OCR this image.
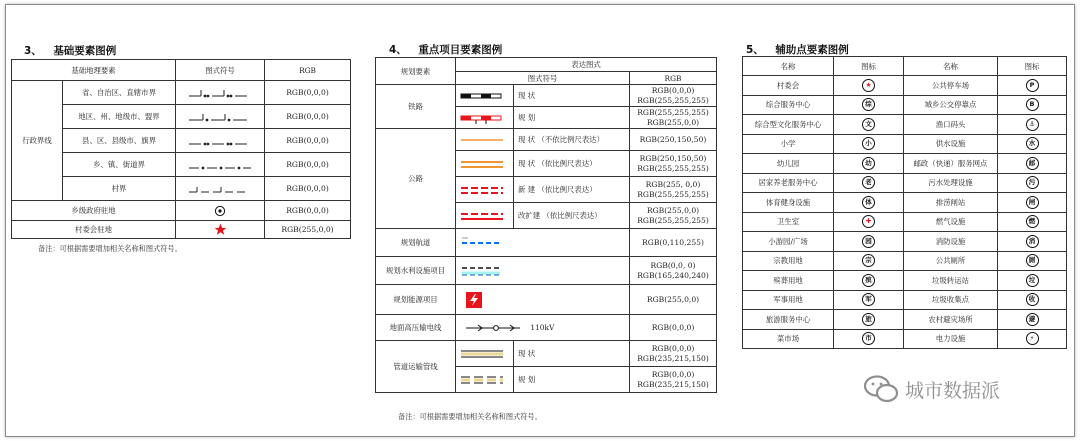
3、 基础要素图例
基础地理要素		图式符号	RGB
行政界线	省、自治区、直辖市界		RGB(0,0,0)
	地区、州、地级市、盟界		RGB(0,0,0)
	县、区、县级市、旗界		RGB(0,0,0)
	乡、镇、街道界		RGB(0,0,0)
	村界		RGB(0,0,0)
乡级政府驻地			RGB(0,0,0)
村委会驻地			RGB(255,0,0)
备注：可根据需要增加相关名称和图式符号。
4、 重点项目要素图例
规划要素	表达图式		
	图式符号		RGB
铁路		现 状	RGB(0,0,0)
RGB(255,255,255)

	规 划	RGB(255,255,255)
RGB(255,0,0)

公路		现 状 （不依比例尺表达）	RGB(250,150,50)

	现 状 （依比例尺表达）	RGB(250,150,50)
RGB(255,255,255)

	新 建 （依比例尺表达）	RGB(255, 0,0)
RGB(255,255,255)

	改扩建 （依比例尺表达）	RGB(255,0,0)
RGB(255,255,255)

规划航道			RGB(0,110,255)

规划水利设施项目			RGB(0,0, 0)
RGB(165,240,240)

规划能源项目			RGB(255,0,0)

地面高压输电线	110kV		RGB(0,0,0)

管道运输管线		现 状	RGB(0,0,0)
RGB(235,215,150)

	规 划	RGB(0,0,0)
RGB(235,215,150)
备注：可根据需要增加相关名称和图式符号。
5、 辅助点要素图例
名称	图标	名称	图标
村委会	★	公共停车场	P
综合服务中心	综	城乡公交停靠点	B
综合型文化服务中心	文	渔口码头	⚓
小学	小	供水设施	水
幼儿园	幼	邮政（快递）服务网点	邮
居家养老服务中心	老	污水处理设施	污
体育健身设施	体	排涝闸站	闸
卫生室	✚	燃气设施	燃
小游园/广场	园	消防设施	消
宗教用地	宗	公共厕所	厕
殡葬用地	殡	垃圾转运站	垃
军事用地	军	垃圾收集点	收
旅游服务中心	旅	农村避灾场所	避
菜市场	市	电力设施	⚡
城市数据派
